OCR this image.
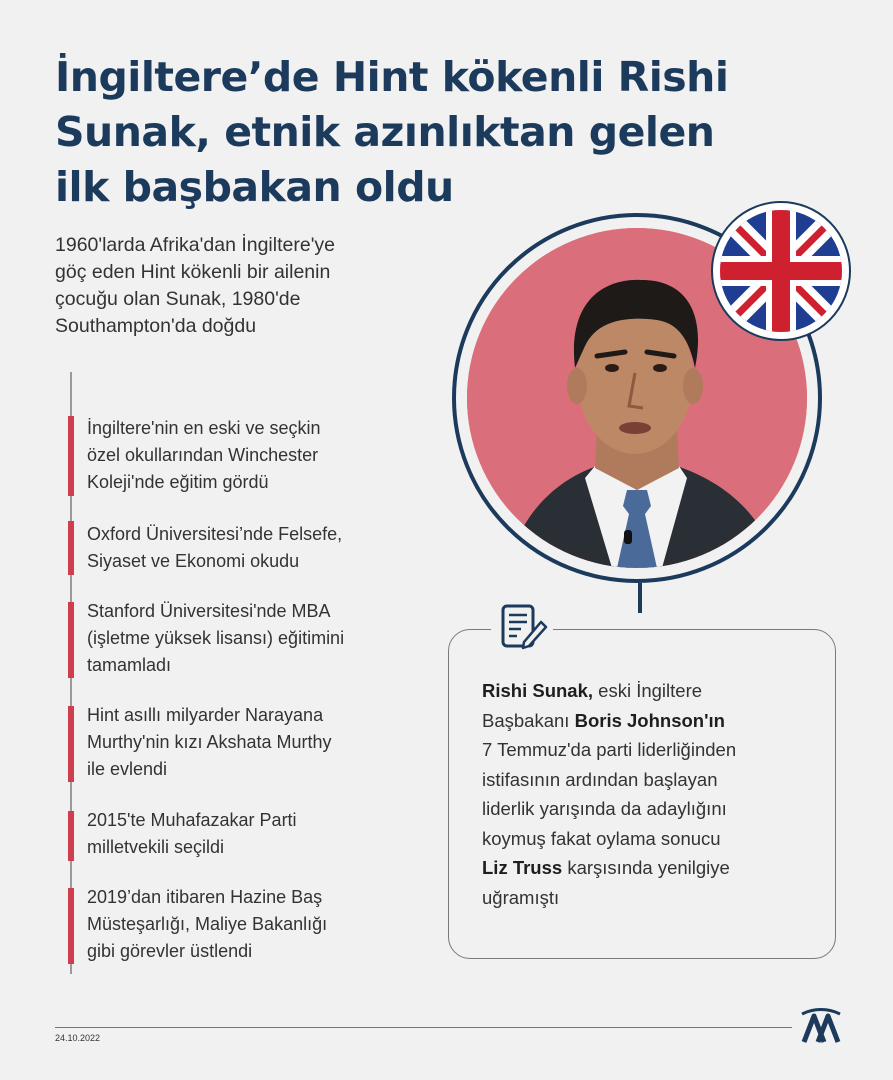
İngiltere’de Hint kökenli Rishi
Sunak, etnik azınlıktan gelen
ilk başbakan oldu
1960'larda Afrika'dan İngiltere'ye
göç eden Hint kökenli bir ailenin
çocuğu olan Sunak, 1980'de
Southampton'da doğdu
İngiltere'nin en eski ve seçkin
özel okullarından Winchester
Koleji'nde eğitim gördü
Oxford Üniversitesi’nde Felsefe,
Siyaset ve Ekonomi okudu
Stanford Üniversitesi'nde MBA
(işletme yüksek lisansı) eğitimini
tamamladı
Hint asıllı milyarder Narayana
Murthy'nin kızı Akshata Murthy
ile evlendi
2015'te Muhafazakar Parti
milletvekili seçildi
2019’dan itibaren Hazine Baş
Müsteşarlığı, Maliye Bakanlığı
gibi görevler üstlendi
Rishi Sunak, eski İngiltere
Başbakanı Boris Johnson'ın
7 Temmuz'da parti liderliğinden
istifasının ardından başlayan
liderlik yarışında da adaylığını
koymuş fakat oylama sonucu
Liz Truss karşısında yenilgiye
uğramıştı
24.10.2022
